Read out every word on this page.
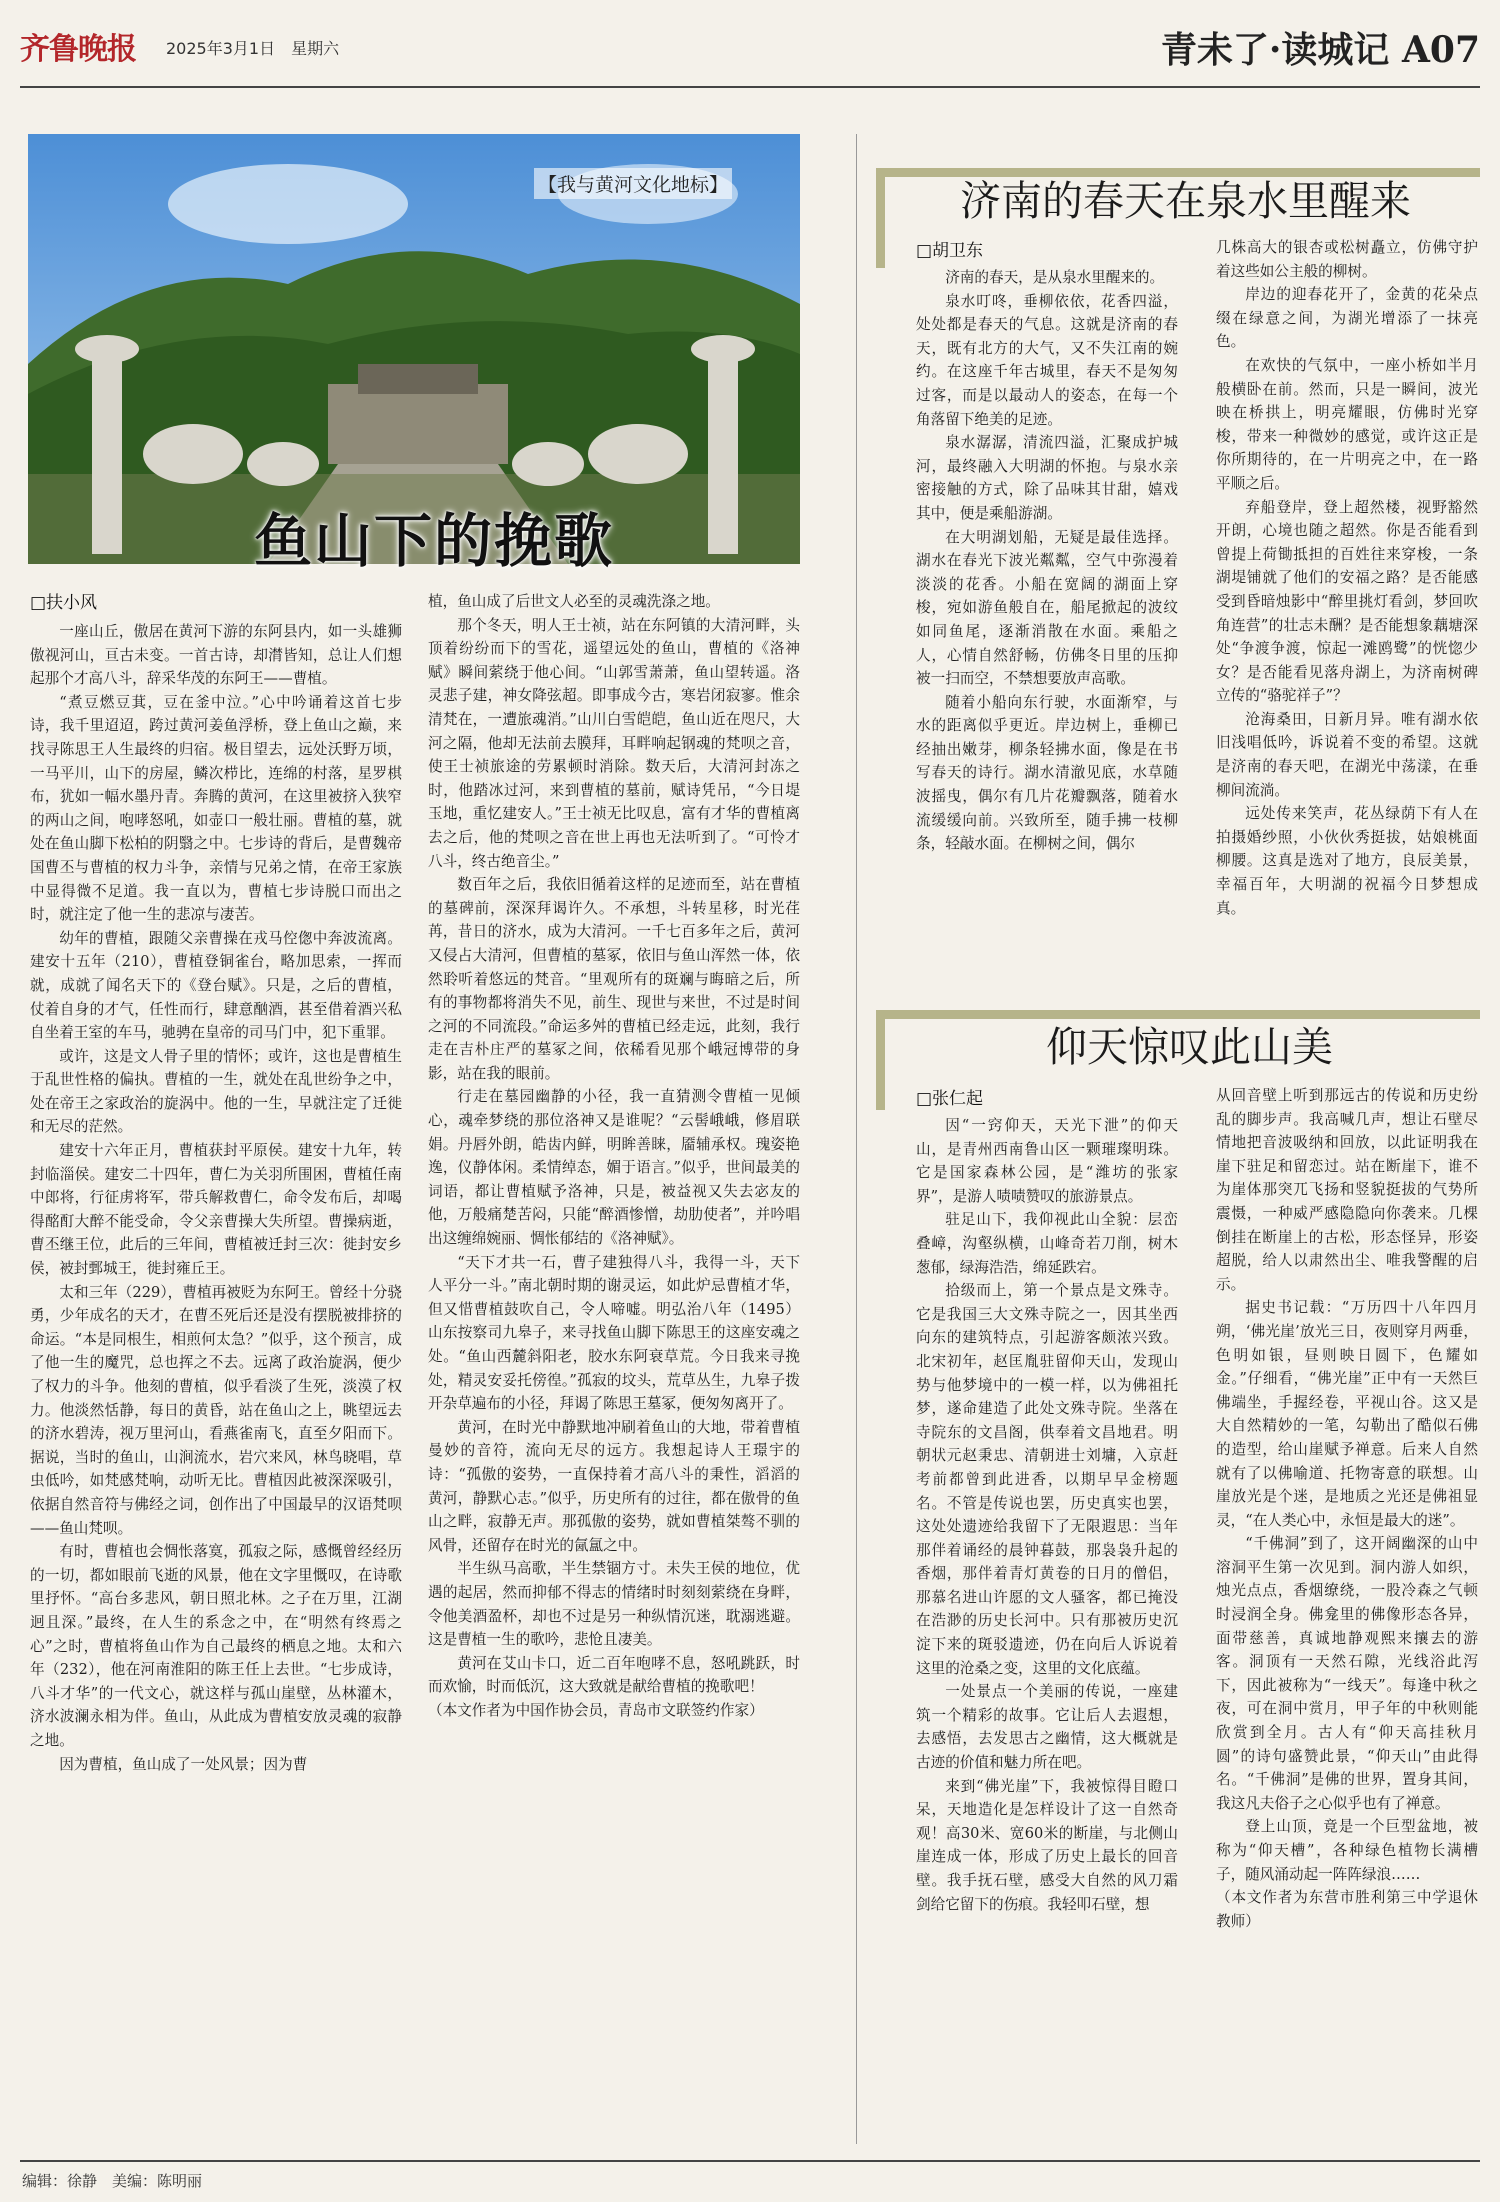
齐鲁晚报 2025年3月1日　 星期六	青未了·读城记 A07
【我与黄河文化地标】
鱼山下的挽歌
□扶小风

一座山丘，傲居在黄河下游的东阿县内，如一头雄狮傲视河山，亘古未变。一首古诗，却潸皆知，总让人们想起那个才高八斗，辞采华茂的东阿王——曹植。

“煮豆燃豆萁，豆在釜中泣。”心中吟诵着这首七步诗，我千里迢迢，跨过黄河姜鱼浮桥，登上鱼山之巅，来找寻陈思王人生最终的归宿。极目望去，远处沃野万顷，一马平川，山下的房屋，鳞次栉比，连绵的村落，星罗棋布，犹如一幅水墨丹青。奔腾的黄河，在这里被挤入狭窄的两山之间，咆哮怒吼，如壶口一般壮丽。曹植的墓，就处在鱼山脚下松柏的阴翳之中。七步诗的背后，是曹魏帝国曹丕与曹植的权力斗争，亲情与兄弟之情，在帝王家族中显得微不足道。我一直以为，曹植七步诗脱口而出之时，就注定了他一生的悲凉与凄苦。

幼年的曹植，跟随父亲曹操在戎马倥偬中奔波流离。建安十五年（210），曹植登铜雀台，略加思索，一挥而就，成就了闻名天下的《登台赋》。只是，之后的曹植，仗着自身的才气，任性而行，肆意酗酒，甚至借着酒兴私自坐着王室的车马，驰骋在皇帝的司马门中，犯下重罪。

或许，这是文人骨子里的情怀；或许，这也是曹植生于乱世性格的偏执。曹植的一生，就处在乱世纷争之中，处在帝王之家政治的旋涡中。他的一生，早就注定了迁徙和无尽的茫然。

建安十六年正月，曹植获封平原侯。建安十九年，转封临淄侯。建安二十四年，曹仁为关羽所围困，曹植任南中郎将，行征虏将军，带兵解救曹仁，命令发布后，却喝得酩酊大醉不能受命，令父亲曹操大失所望。曹操病逝，曹丕继王位，此后的三年间，曹植被迁封三次：徙封安乡侯，被封鄄城王，徙封雍丘王。

太和三年（229），曹植再被贬为东阿王。曾经十分骁勇，少年成名的天才，在曹丕死后还是没有摆脱被排挤的命运。“本是同根生，相煎何太急？”似乎，这个预言，成了他一生的魔咒，总也挥之不去。远离了政治旋涡，便少了权力的斗争。他刻的曹植，似乎看淡了生死，淡漠了权力。他淡然恬静，每日的黄昏，站在鱼山之上，眺望远去的济水碧涛，视万里河山，看燕雀南飞，直至夕阳而下。据说，当时的鱼山，山涧流水，岩穴来风，林鸟晓唱，草虫低吟，如梵感梵响，动听无比。曹植因此被深深吸引，依据自然音符与佛经之词，创作出了中国最早的汉语梵呗——鱼山梵呗。

有时，曹植也会惆怅落寞，孤寂之际，感慨曾经经历的一切，都如眼前飞逝的风景，他在文字里慨叹，在诗歌里抒怀。“高台多悲风，朝日照北林。之子在万里，江湖迥且深。”最终，在人生的系念之中，在“明然有终焉之心”之时，曹植将鱼山作为自己最终的栖息之地。太和六年（232），他在河南淮阳的陈王任上去世。“七步成诗，八斗才华”的一代文心，就这样与孤山崖壁，丛林灌木，济水波澜永相为伴。鱼山，从此成为曹植安放灵魂的寂静之地。

因为曹植，鱼山成了一处风景；因为曹

植，鱼山成了后世文人必至的灵魂洗涤之地。

那个冬天，明人王士祯，站在东阿镇的大清河畔，头顶着纷纷而下的雪花，遥望远处的鱼山，曹植的《洛神赋》瞬间萦绕于他心间。“山郭雪萧萧，鱼山望转遥。洛灵悲子建，神女降弦超。即事成今古，寒岩闭寂寥。惟余清梵在，一遭旅魂消。”山川白雪皑皑，鱼山近在咫尺，大河之隔，他却无法前去膜拜，耳畔响起钢魂的梵呗之音，使王士祯旅途的劳累顿时消除。数天后，大清河封冻之时，他踏冰过河，来到曹植的墓前，赋诗凭吊，“今日堤玉地，重忆建安人。”王士祯无比叹息，富有才华的曹植离去之后，他的梵呗之音在世上再也无法听到了。“可怜才八斗，终古绝音尘。”

数百年之后，我依旧循着这样的足迹而至，站在曹植的墓碑前，深深拜谒许久。不承想，斗转星移，时光荏苒，昔日的济水，成为大清河。一千七百多年之后，黄河又侵占大清河，但曹植的墓冢，依旧与鱼山浑然一体，依然聆听着悠远的梵音。“里观所有的斑斓与晦暗之后，所有的事物都将消失不见，前生、现世与来世，不过是时间之河的不同流段。”命运多舛的曹植已经走远，此刻，我行走在吉朴庄严的墓冢之间，依稀看见那个峨冠博带的身影，站在我的眼前。

行走在墓园幽静的小径，我一直猜测令曹植一见倾心，魂牵梦绕的那位洛神又是谁呢？“云髻峨峨，修眉联娟。丹唇外朗，皓齿内鲜，明眸善睐，靥辅承权。瑰姿艳逸，仪静体闲。柔情绰态，媚于语言。”似乎，世间最美的词语，都让曹植赋予洛神，只是，被益视又失去宓友的他，万般痛楚苦闷，只能“醉酒惨憎，劫肋使者”，并吟唱出这缠绵婉丽、惆怅郁结的《洛神赋》。

“天下才共一石，曹子建独得八斗，我得一斗，天下人平分一斗。”南北朝时期的谢灵运，如此炉忌曹植才华，但又惜曹植鼓吹自己，令人啼嘘。明弘治八年（1495）山东按察司九皋子，来寻找鱼山脚下陈思王的这座安魂之处。“鱼山西麓斜阳老，胶水东阿衰草荒。今日我来寻挽处，精灵安妥托傍徨。”孤寂的坟头，荒草丛生，九皋子拨开杂草遍布的小径，拜谒了陈思王墓冢，便匆匆离开了。

黄河，在时光中静默地冲刷着鱼山的大地，带着曹植曼妙的音符，流向无尽的远方。我想起诗人王璟宇的诗：“孤傲的姿势，一直保持着才高八斗的秉性，滔滔的黄河，静默心志。”似乎，历史所有的过往，都在傲骨的鱼山之畔，寂静无声。那孤傲的姿势，就如曹植桀骜不驯的风骨，还留存在时光的氤氲之中。

半生纵马高歌，半生禁锢方寸。未失王侯的地位，优遇的起居，然而抑郁不得志的情绪时时刻刻萦绕在身畔，令他美酒盈杯，却也不过是另一种纵情沉迷，耽溺逃避。这是曹植一生的歌吟，悲怆且凄美。

黄河在艾山卡口，近二百年咆哮不息，怒吼跳跃，时而欢愉，时而低沉，这大致就是献给曹植的挽歌吧！

（本文作者为中国作协会员，青岛市文联签约作家）

济南的春天在泉水里醒来
□胡卫东

济南的春天，是从泉水里醒来的。

泉水叮咚，垂柳依依，花香四溢，处处都是春天的气息。这就是济南的春天，既有北方的大气，又不失江南的婉约。在这座千年古城里，春天不是匆匆过客，而是以最动人的姿态，在每一个角落留下绝美的足迹。

泉水潺潺，清流四溢，汇聚成护城河，最终融入大明湖的怀抱。与泉水亲密接触的方式，除了品味其甘甜，嬉戏其中，便是乘船游湖。

在大明湖划船，无疑是最佳选择。湖水在春光下波光粼粼，空气中弥漫着淡淡的花香。小船在宽阔的湖面上穿梭，宛如游鱼般自在，船尾掀起的波纹如同鱼尾，逐渐消散在水面。乘船之人，心情自然舒畅，仿佛冬日里的压抑被一扫而空，不禁想要放声高歌。

随着小船向东行驶，水面渐窄，与水的距离似乎更近。岸边树上，垂柳已经抽出嫩芽，柳条轻拂水面，像是在书写春天的诗行。湖水清澈见底，水草随波摇曳，偶尔有几片花瓣飘落，随着水流缓缓向前。兴致所至，随手拂一枝柳条，轻敲水面。在柳树之间，偶尔

几株高大的银杏或松树矗立，仿佛守护着这些如公主般的柳树。

岸边的迎春花开了，金黄的花朵点缀在绿意之间，为湖光增添了一抹亮色。

在欢快的气氛中，一座小桥如半月般横卧在前。然而，只是一瞬间，波光映在桥拱上，明亮耀眼，仿佛时光穿梭，带来一种微妙的感觉，或许这正是你所期待的，在一片明亮之中，在一路平顺之后。

弃船登岸，登上超然楼，视野豁然开朗，心境也随之超然。你是否能看到曾提上荷锄抵担的百姓往来穿梭，一条湖堤铺就了他们的安福之路？是否能感受到昏暗烛影中“醉里挑灯看剑，梦回吹角连营”的壮志未酬？是否能想象藕塘深处“争渡争渡，惊起一滩鸥鹭”的恍惚少女？是否能看见落舟湖上，为济南树碑立传的“骆驼祥子”？

沧海桑田，日新月异。唯有湖水依旧浅唱低吟，诉说着不变的希望。这就是济南的春天吧，在湖光中荡漾，在垂柳间流淌。

远处传来笑声，花丛绿荫下有人在拍摄婚纱照，小伙伙秀挺拔，姑娘桃面柳腰。这真是选对了地方，良辰美景，幸福百年，大明湖的祝福今日梦想成真。

仰天惊叹此山美
□张仁起

因“一窍仰天，天光下泄”的仰天山，是青州西南鲁山区一颗璀璨明珠。它是国家森林公园，是“潍坊的张家界”，是游人啧啧赞叹的旅游景点。

驻足山下，我仰视此山全貌：层峦叠嶂，沟壑纵横，山峰奇若刀削，树木葱郁，绿海浩浩，绵延跌宕。

拾级而上，第一个景点是文殊寺。它是我国三大文殊寺院之一，因其坐西向东的建筑特点，引起游客颇浓兴致。北宋初年，赵匡胤驻留仰天山，发现山势与他梦境中的一模一样，以为佛祖托梦，遂命建造了此处文殊寺院。坐落在寺院东的文昌阁，供奉着文昌地君。明朝状元赵秉忠、清朝进士刘墉，入京赶考前都曾到此进香，以期早早金榜题名。不管是传说也罢，历史真实也罢，这处处遗迹给我留下了无限遐思：当年那伴着诵经的晨钟暮鼓，那袅袅升起的香烟，那伴着青灯黄卷的日月的僧侣，那慕名进山许愿的文人骚客，都已掩没在浩渺的历史长河中。只有那被历史沉淀下来的斑驳遗迹，仍在向后人诉说着这里的沧桑之变，这里的文化底蕴。

一处景点一个美丽的传说，一座建筑一个精彩的故事。它让后人去遐想，去感悟，去发思古之幽情，这大概就是古迹的价值和魅力所在吧。

来到“佛光崖”下，我被惊得目瞪口呆，天地造化是怎样设计了这一自然奇观！高30米、宽60米的断崖，与北侧山崖连成一体，形成了历史上最长的回音壁。我手抚石壁，感受大自然的风刀霜剑给它留下的伤痕。我轻叩石壁，想

从回音壁上听到那远古的传说和历史纷乱的脚步声。我高喊几声，想让石壁尽情地把音波吸纳和回放，以此证明我在崖下驻足和留恋过。站在断崖下，谁不为崖体那突兀飞扬和竖貌挺拔的气势所震慑，一种威严感隐隐向你袭来。几棵倒挂在断崖上的古松，形态怪异，形姿超脱，给人以肃然出尘、唯我警醒的启示。

据史书记载：“万历四十八年四月朔，‘佛光崖’放光三日，夜则穿月两垂，色明如银，昼则映日圆下，色耀如金。”仔细看，“佛光崖”正中有一天然巨佛端坐，手握经卷，平视山谷。这又是大自然精妙的一笔，勾勒出了酷似石佛的造型，给山崖赋予禅意。后来人自然就有了以佛喻道、托物寄意的联想。山崖放光是个迷，是地质之光还是佛祖显灵，“在人类心中，永恒是最大的迷”。

“千佛洞”到了，这开阔幽深的山中溶洞平生第一次见到。洞内游人如织，烛光点点，香烟缭绕，一股冷森之气顿时浸润全身。佛龛里的佛像形态各异，面带慈善，真诚地静观熙来攘去的游客。洞顶有一天然石隙，光线浴此泻下，因此被称为“一线天”。每逢中秋之夜，可在洞中赏月，甲子年的中秋则能欣赏到全月。古人有“仰天高挂秋月圆”的诗句盛赞此景，“仰天山”由此得名。“千佛洞”是佛的世界，置身其间，我这凡夫俗子之心似乎也有了禅意。

登上山顶，竟是一个巨型盆地，被称为“仰天槽”，各种绿色植物长满槽子，随风涌动起一阵阵绿浪……

（本文作者为东营市胜利第三中学退休教师）

编辑：徐静　美编：陈明丽
